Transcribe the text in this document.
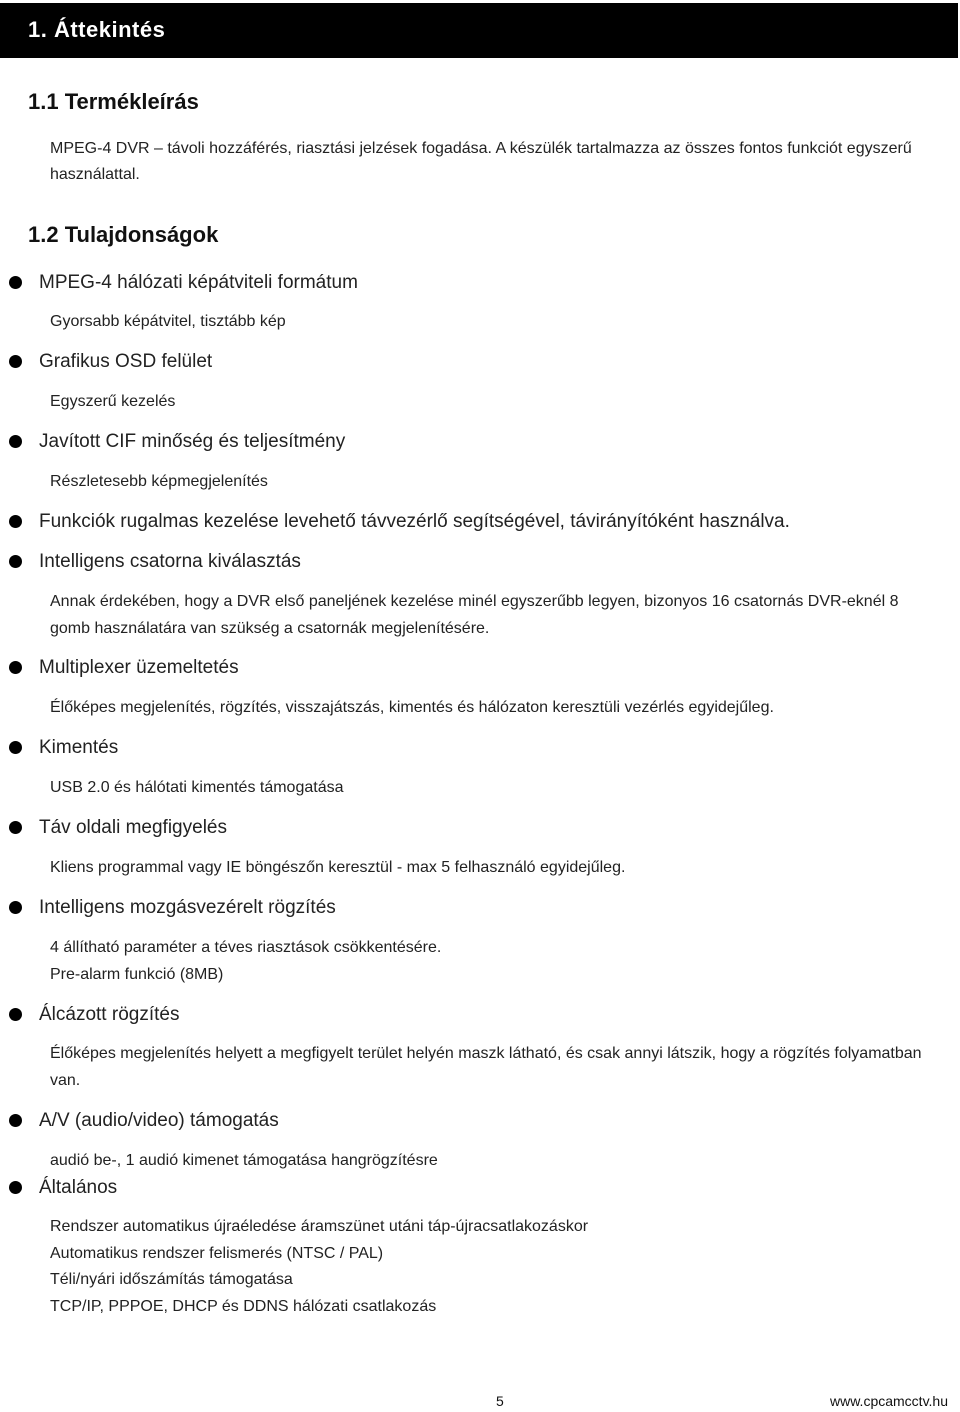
1. Áttekintés
1.1 Termékleírás
MPEG-4 DVR – távoli hozzáférés, riasztási jelzések fogadása. A készülék tartalmazza az összes fontos funkciót egyszerű használattal.
1.2 Tulajdonságok
MPEG-4 hálózati képátviteli formátum
Gyorsabb képátvitel, tisztább kép
Grafikus OSD felület
Egyszerű kezelés
Javított CIF minőség és teljesítmény
Részletesebb képmegjelenítés
Funkciók rugalmas kezelése levehető távvezérlő segítségével, távirányítóként használva.
Intelligens csatorna kiválasztás
Annak érdekében, hogy a DVR első paneljének kezelése minél egyszerűbb legyen, bizonyos 16 csatornás DVR-eknél 8 gomb használatára van szükség a csatornák megjelenítésére.
Multiplexer üzemeltetés
Élőképes megjelenítés, rögzítés, visszajátszás, kimentés és hálózaton keresztüli vezérlés egyidejűleg.
Kimentés
USB 2.0 és hálótati kimentés támogatása
Táv oldali megfigyelés
Kliens programmal vagy IE böngészőn keresztül - max 5 felhasználó egyidejűleg.
Intelligens mozgásvezérelt rögzítés
4 állítható paraméter a téves riasztások csökkentésére.
Pre-alarm funkció (8MB)
Álcázott rögzítés
Élőképes megjelenítés helyett a megfigyelt terület helyén maszk látható, és csak annyi látszik, hogy a rögzítés folyamatban van.
A/V (audio/video) támogatás
audió be-, 1 audió kimenet támogatása hangrögzítésre
Általános
Rendszer automatikus újraéledése áramszünet utáni táp-újracsatlakozáskor
Automatikus rendszer felismerés (NTSC / PAL)
Téli/nyári időszámítás támogatása
TCP/IP, PPPOE, DHCP és DDNS hálózati csatlakozás
5	www.cpcamcctv.hu
